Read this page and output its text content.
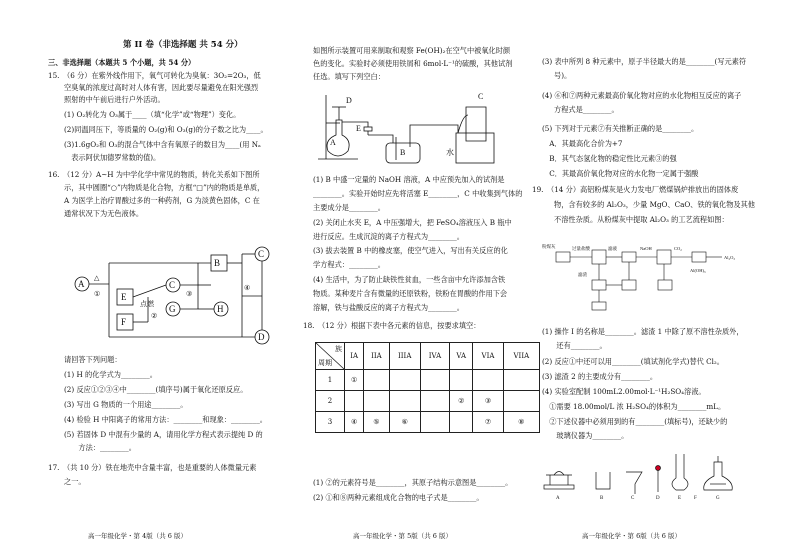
第 II 卷（非选择题 共 54 分）
三、非选择题（本题共 5 个小题，共 54 分）
15.　（6 分）在紫外线作用下，氧气可转化为臭氧：3O₂=2O₃，低
空臭氧的浓度过高时对人体有害，因此要尽量避免在阳光强烈
照射的中午前后进行户外活动。
(1) O₂转化为 O₃属于____（填“化学”或“物理”）变化。
(2)同温同压下，等质量的 O₂(g)和 O₃(g)的分子数之比为____。
(3)1.6gO₂和 O₃的混合气体中含有氧原子的数目为____(用 Nₐ
　表示阿伏加德罗常数的值)。
16.　（12 分）A~H 为中学化学中常见的物质，转化关系如下图所
示，其中圆圈“○”内物质是化合物，方框“□”内的物质是单质，
A 为医学上治疗胃酸过多的一种药剂，G 为淡黄色固体，C 在
通常状况下为无色液体。
A
B
C
C
D
E
F
G	H
△
①
点燃
②
③
④
请回答下列问题：
(1) H 的化学式为________。
(2) 反应①②③④中________(填序号)属于氧化还原反应。
(3) 写出 G 物质的一个用途________。
(4) 检验 H 中阳离子的常用方法：________和现象：________。
(5) 若固体 D 中混有少量的 A，请用化学方程式表示提纯 D 的
　　方法：________。
17.　（共 10 分）铁在地壳中含量丰富，也是重要的人体微量元素
之一。
高一年级化学・第 4版（共 6 版）
如图所示装置可用来制取和观察 Fe(OH)₂在空气中被氧化时颜
色的变化。实验时必须使用铁屑和 6mol·L⁻¹的硫酸，其他试剂
任选。填写下列空白：
A
B
C
D
E
水
(1) B 中盛一定量的 NaOH 溶液，A 中应预先加入的试剂是
________。实验开始时应先将活塞 E________，C 中收集到气体的
主要成分是________。
(2) 关闭止水夹 E，A 中压强增大，把 FeSO₄溶液压入 B 瓶中
进行反应。生成沉淀的离子方程式为________。
(3) 拔去装置 B 中的橡皮塞，使空气进入，写出有关反应的化
学方程式：________。
(4) 生活中，为了防止缺铁性贫血，一些含亩中允许添加含铁
物质。某种麦片含有微量的还原铁粉，铁粉在胃酸的作用下会
溶解，铁与盐酸反应的离子方程式为________。
18.　（12 分）根据下表中各元素的信息，按要求填空：
族
周期	IA	IIA	IIIA	IVA	VA	VIA	VIIA
1	①						
2					②	③	
3	④	⑤	⑥			⑦	⑧
(1) ②的元素符号是________，其原子结构示意图是________。
(2) ①和⑧两种元素组成化合物的电子式是________。
高一年级化学・第 5版（共 6 版）
(3) 表中所列 8 种元素中，原子半径最大的是________(写元素符
号)。
(4) ⑥和⑦两种元素最高价氧化物对应的水化物相互反应的离子
方程式是________。
(5) 下列对于元素⑦有关推断正确的是________。
　A．其最高化合价为+7
　B．其气态氢化物的稳定性比元素③的强
　C．其最高价氧化物对应的水化物一定属于强酸
19.　（14 分）高铝粉煤灰是火力发电厂燃煤锅炉排放出的固体废
物，含有较多的 Al₂O₃，少量 MgO、CaO、铁的氧化物及其他
不溶性杂质。从粉煤灰中提取 Al₂O₃ 的工艺流程如图：
粉煤灰	过量盐酸
滤渣
滤液	NaOH	CO₂
Al(OH)₃
Al₂O₃
(1) 操作 I 的名称是________。滤渣 1 中除了原不溶性杂质外，
　　还有________。
(2) 反应①中还可以用________(填试剂化学式)替代 Cl₂。
(3) 滤渣 2 的主要成分有________。
(4) 实验室配制 100mL2.00mol·L⁻¹H₂SO₄溶液。
　①需要 18.00mol/L 浓 H₂SO₄的体积为________mL。
　②下述仪器中必须用到的有________(填标号)，还缺少的
　　玻璃仪器为________。
A	B	C	D	E	F	G
高一年级化学・第 6版（共 6 版）
